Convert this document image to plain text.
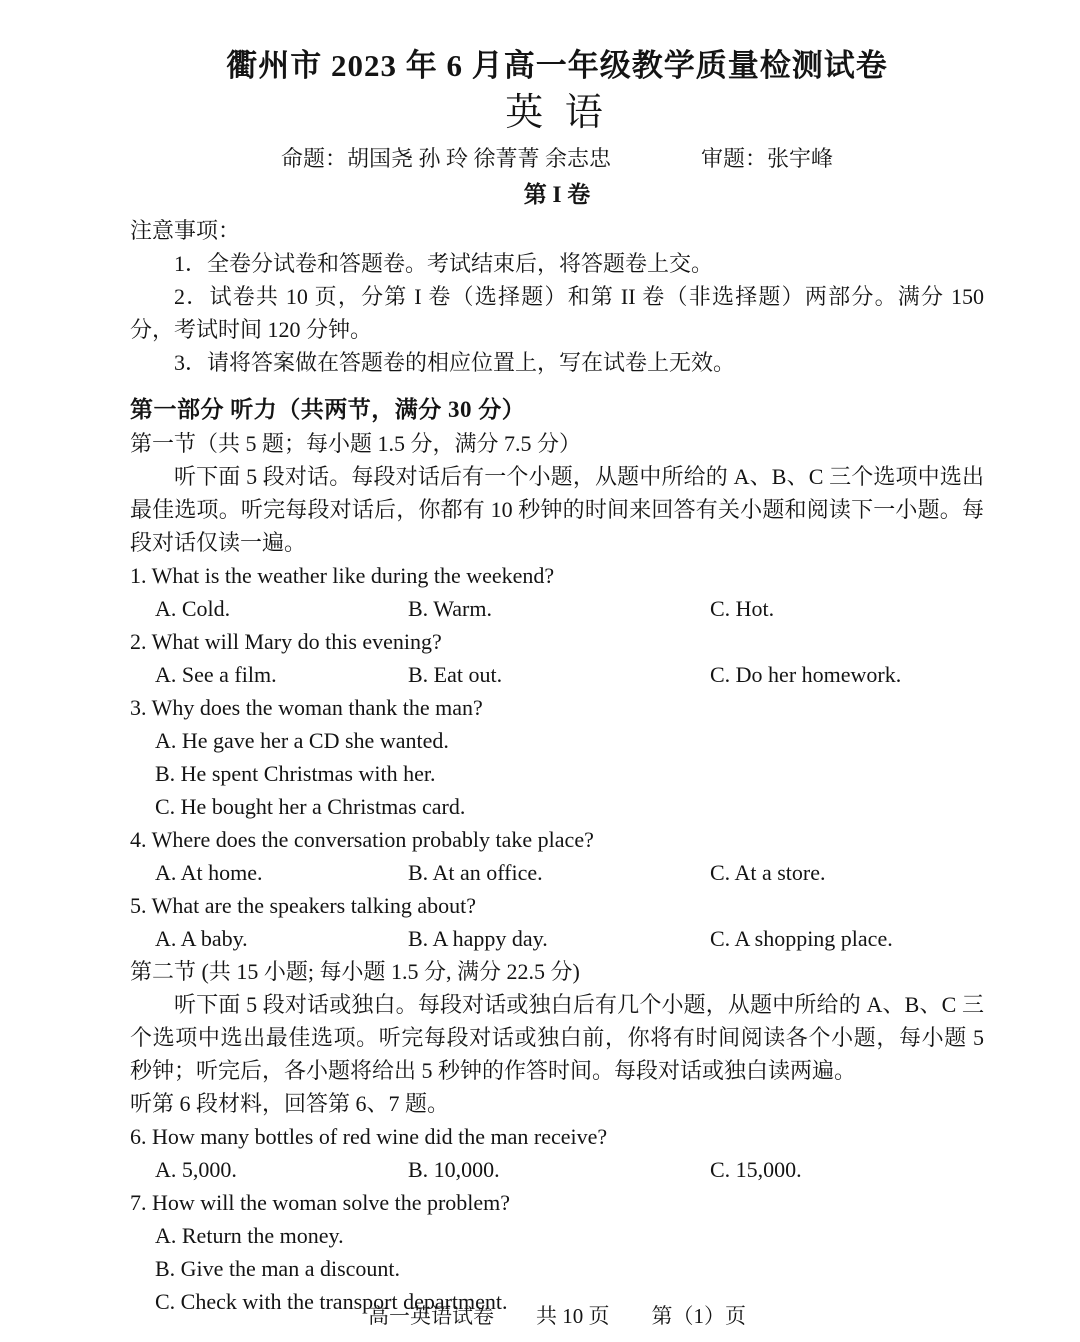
衢州市 2023 年 6 月高一年级教学质量检测试卷
英 语
命题：胡国尧 孙 玲 徐菁菁 余志忠	审题：张宇峰
第 I 卷
注意事项：
1．全卷分试卷和答题卷。考试结束后，将答题卷上交。
2．试卷共 10 页，分第 I 卷（选择题）和第 II 卷（非选择题）两部分。满分 150 分，考试时间 120 分钟。
3．请将答案做在答题卷的相应位置上，写在试卷上无效。
第一部分 听力（共两节，满分 30 分）
第一节（共 5 题；每小题 1.5 分，满分 7.5 分）
听下面 5 段对话。每段对话后有一个小题，从题中所给的 A、B、C 三个选项中选出最佳选项。听完每段对话后，你都有 10 秒钟的时间来回答有关小题和阅读下一小题。每段对话仅读一遍。
1. What is the weather like during the weekend?
A. Cold.	B. Warm.	C. Hot.
2. What will Mary do this evening?
A. See a film.	B. Eat out.	C. Do her homework.
3. Why does the woman thank the man?
A. He gave her a CD she wanted.
B. He spent Christmas with her.
C. He bought her a Christmas card.
4. Where does the conversation probably take place?
A. At home.	B. At an office.	C. At a store.
5. What are the speakers talking about?
A. A baby.	B. A happy day.	C. A shopping place.
第二节 (共 15 小题; 每小题 1.5 分, 满分 22.5 分)
听下面 5 段对话或独白。每段对话或独白后有几个小题，从题中所给的 A、B、C 三个选项中选出最佳选项。听完每段对话或独白前，你将有时间阅读各个小题，每小题 5 秒钟；听完后，各小题将给出 5 秒钟的作答时间。每段对话或独白读两遍。
听第 6 段材料，回答第 6、7 题。
6. How many bottles of red wine did the man receive?
A. 5,000.	B. 10,000.	C. 15,000.
7. How will the woman solve the problem?
A. Return the money.
B. Give the man a discount.
C. Check with the transport department.
高一英语试卷　　共 10 页　　第（1）页
